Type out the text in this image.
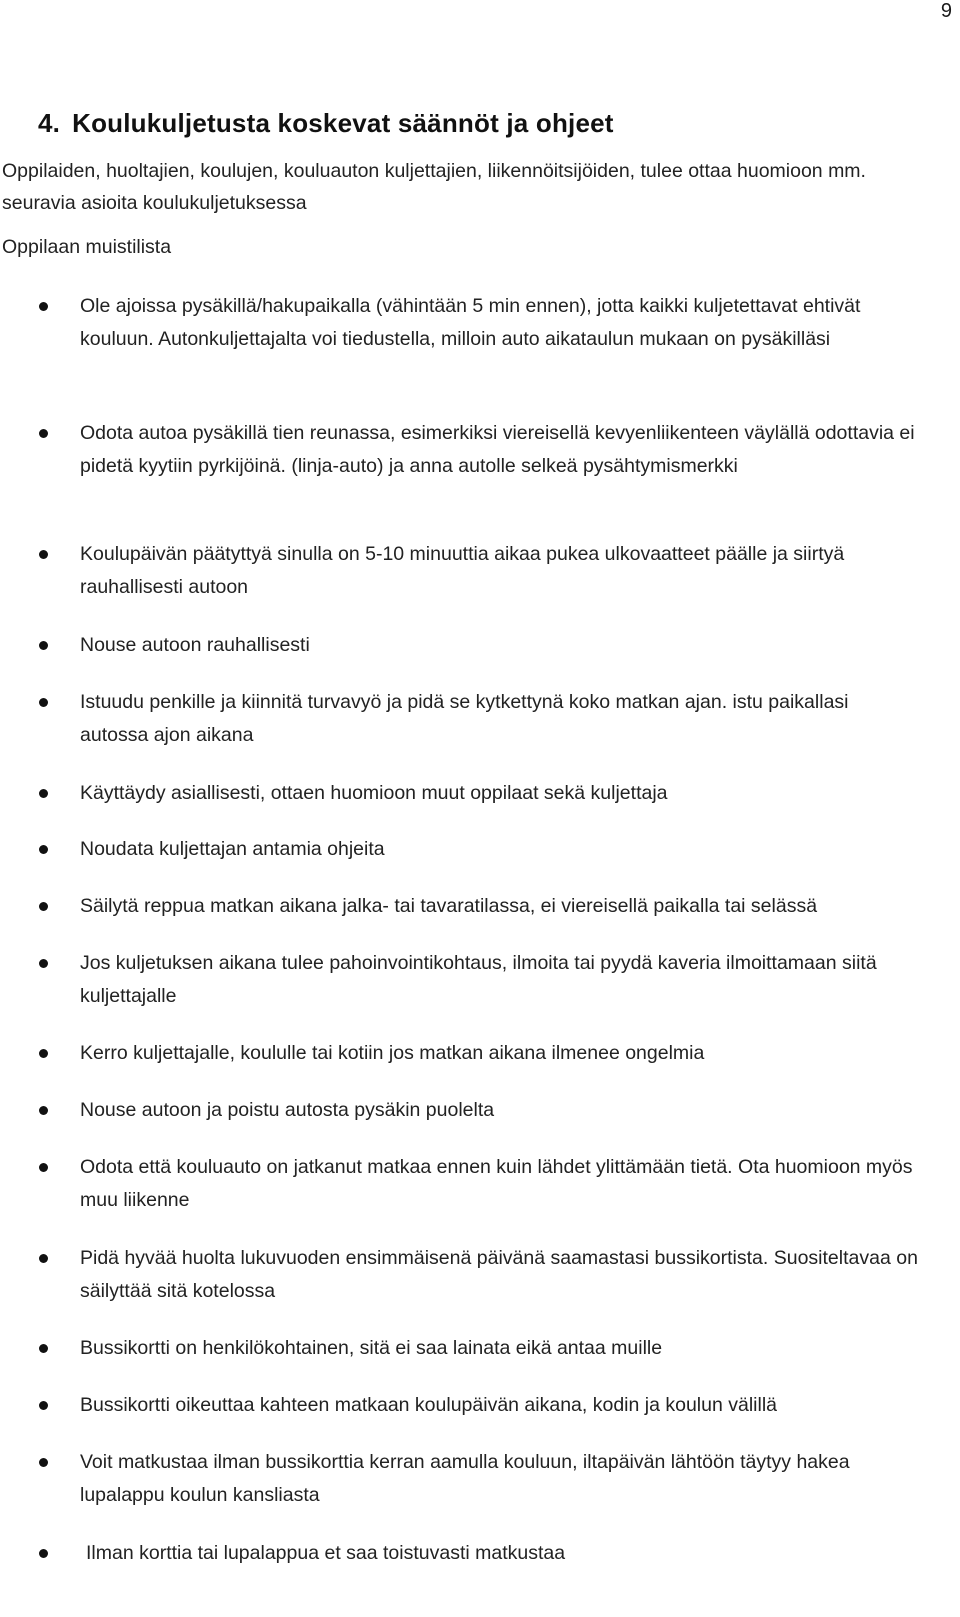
9
4. Koulukuljetusta koskevat säännöt ja ohjeet

Oppilaiden, huoltajien, koulujen, kouluauton kuljettajien, liikennöitsijöiden, tulee ottaa huomioon mm. seuravia asioita koulukuljetuksessa

Oppilaan muistilista

Ole ajoissa pysäkillä/hakupaikalla (vähintään 5 min ennen), jotta kaikki kuljetettavat ehtivät kouluun. Autonkuljettajalta voi tiedustella, milloin auto aikataulun mukaan on pysäkilläsi
Odota autoa pysäkillä tien reunassa, esimerkiksi viereisellä kevyenliikenteen väylällä odottavia ei pidetä kyytiin pyrkijöinä. (linja-auto) ja anna autolle selkeä pysähtymismerkki
Koulupäivän päätyttyä sinulla on 5-10 minuuttia aikaa pukea ulkovaatteet päälle ja siirtyä rauhallisesti autoon
Nouse autoon rauhallisesti
Istuudu penkille ja kiinnitä turvavyö ja pidä se kytkettynä koko matkan ajan. istu paikallasi autossa ajon aikana
Käyttäydy asiallisesti, ottaen huomioon muut oppilaat sekä kuljettaja
Noudata kuljettajan antamia ohjeita
Säilytä reppua matkan aikana jalka- tai tavaratilassa, ei viereisellä paikalla tai selässä
Jos kuljetuksen aikana tulee pahoinvointikohtaus, ilmoita tai pyydä kaveria ilmoittamaan siitä kuljettajalle
Kerro kuljettajalle, koululle tai kotiin jos matkan aikana ilmenee ongelmia
Nouse autoon ja poistu autosta pysäkin puolelta
Odota että kouluauto on jatkanut matkaa ennen kuin lähdet ylittämään tietä. Ota huomioon myös muu liikenne
Pidä hyvää huolta lukuvuoden ensimmäisenä päivänä saamastasi bussikortista. Suositeltavaa on säilyttää sitä kotelossa
Bussikortti on henkilökohtainen, sitä ei saa lainata eikä antaa muille
Bussikortti oikeuttaa kahteen matkaan koulupäivän aikana, kodin ja koulun välillä
Voit matkustaa ilman bussikorttia kerran aamulla kouluun, iltapäivän lähtöön täytyy hakea lupalappu koulun kansliasta
Ilman korttia tai lupalappua et saa toistuvasti matkustaa
